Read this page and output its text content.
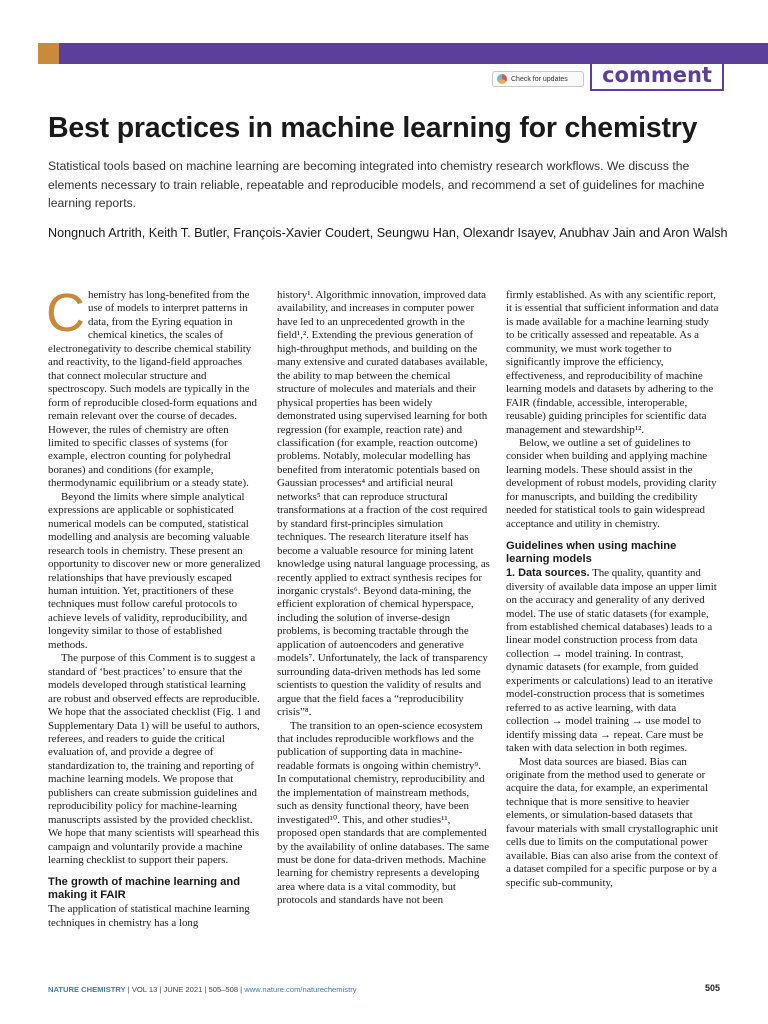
Check for updates	comment
Best practices in machine learning for chemistry

Statistical tools based on machine learning are becoming integrated into chemistry research workflows. We discuss the elements necessary to train reliable, repeatable and reproducible models, and recommend a set of guidelines for machine learning reports.

Nongnuch Artrith, Keith T. Butler, François-Xavier Coudert, Seungwu Han, Olexandr Isayev, Anubhav Jain and Aron Walsh

Chemistry has long-benefited from the use of models to interpret patterns in data, from the Eyring equation in chemical kinetics, the scales of electronegativity to describe chemical stability and reactivity, to the ligand-field approaches that connect molecular structure and spectroscopy. Such models are typically in the form of reproducible closed-form equations and remain relevant over the course of decades. However, the rules of chemistry are often limited to specific classes of systems (for example, electron counting for polyhedral boranes) and conditions (for example, thermodynamic equilibrium or a steady state).

Beyond the limits where simple analytical expressions are applicable or sophisticated numerical models can be computed, statistical modelling and analysis are becoming valuable research tools in chemistry. These present an opportunity to discover new or more generalized relationships that have previously escaped human intuition. Yet, practitioners of these techniques must follow careful protocols to achieve levels of validity, reproducibility, and longevity similar to those of established methods.

The purpose of this Comment is to suggest a standard of ‘best practices’ to ensure that the models developed through statistical learning are robust and observed effects are reproducible. We hope that the associated checklist (Fig. 1 and Supplementary Data 1) will be useful to authors, referees, and readers to guide the critical evaluation of, and provide a degree of standardization to, the training and reporting of machine learning models. We propose that publishers can create submission guidelines and reproducibility policy for machine-learning manuscripts assisted by the provided checklist. We hope that many scientists will spearhead this campaign and voluntarily provide a machine learning checklist to support their papers.

The growth of machine learning and making it FAIR

The application of statistical machine learning techniques in chemistry has a long

history¹. Algorithmic innovation, improved data availability, and increases in computer power have led to an unprecedented growth in the field¹,². Extending the previous generation of high-throughput methods, and building on the many extensive and curated databases available, the ability to map between the chemical structure of molecules and materials and their physical properties has been widely demonstrated using supervised learning for both regression (for example, reaction rate) and classification (for example, reaction outcome) problems. Notably, molecular modelling has benefited from interatomic potentials based on Gaussian processes⁴ and artificial neural networks⁵ that can reproduce structural transformations at a fraction of the cost required by standard first-principles simulation techniques. The research literature itself has become a valuable resource for mining latent knowledge using natural language processing, as recently applied to extract synthesis recipes for inorganic crystals⁶. Beyond data-mining, the efficient exploration of chemical hyperspace, including the solution of inverse-design problems, is becoming tractable through the application of autoencoders and generative models⁷. Unfortunately, the lack of transparency surrounding data-driven methods has led some scientists to question the validity of results and argue that the field faces a “reproducibility crisis”⁸.

The transition to an open-science ecosystem that includes reproducible workflows and the publication of supporting data in machine-readable formats is ongoing within chemistry⁹. In computational chemistry, reproducibility and the implementation of mainstream methods, such as density functional theory, have been investigated¹⁰. This, and other studies¹¹, proposed open standards that are complemented by the availability of online databases. The same must be done for data-driven methods. Machine learning for chemistry represents a developing area where data is a vital commodity, but protocols and standards have not been

firmly established. As with any scientific report, it is essential that sufficient information and data is made available for a machine learning study to be critically assessed and repeatable. As a community, we must work together to significantly improve the efficiency, effectiveness, and reproducibility of machine learning models and datasets by adhering to the FAIR (findable, accessible, interoperable, reusable) guiding principles for scientific data management and stewardship¹².

Below, we outline a set of guidelines to consider when building and applying machine learning models. These should assist in the development of robust models, providing clarity for manuscripts, and building the credibility needed for statistical tools to gain widespread acceptance and utility in chemistry.

Guidelines when using machine learning models

1. Data sources. The quality, quantity and diversity of available data impose an upper limit on the accuracy and generality of any derived model. The use of static datasets (for example, from established chemical databases) leads to a linear model construction process from data collection → model training. In contrast, dynamic datasets (for example, from guided experiments or calculations) lead to an iterative model-construction process that is sometimes referred to as active learning, with data collection → model training → use model to identify missing data → repeat. Care must be taken with data selection in both regimes.

Most data sources are biased. Bias can originate from the method used to generate or acquire the data, for example, an experimental technique that is more sensitive to heavier elements, or simulation-based datasets that favour materials with small crystallographic unit cells due to limits on the computational power available. Bias can also arise from the context of a dataset compiled for a specific purpose or by a specific sub-community,

NATURE CHEMISTRY | VOL 13 | JUNE 2021 | 505–508 | www.nature.com/naturechemistry	505
